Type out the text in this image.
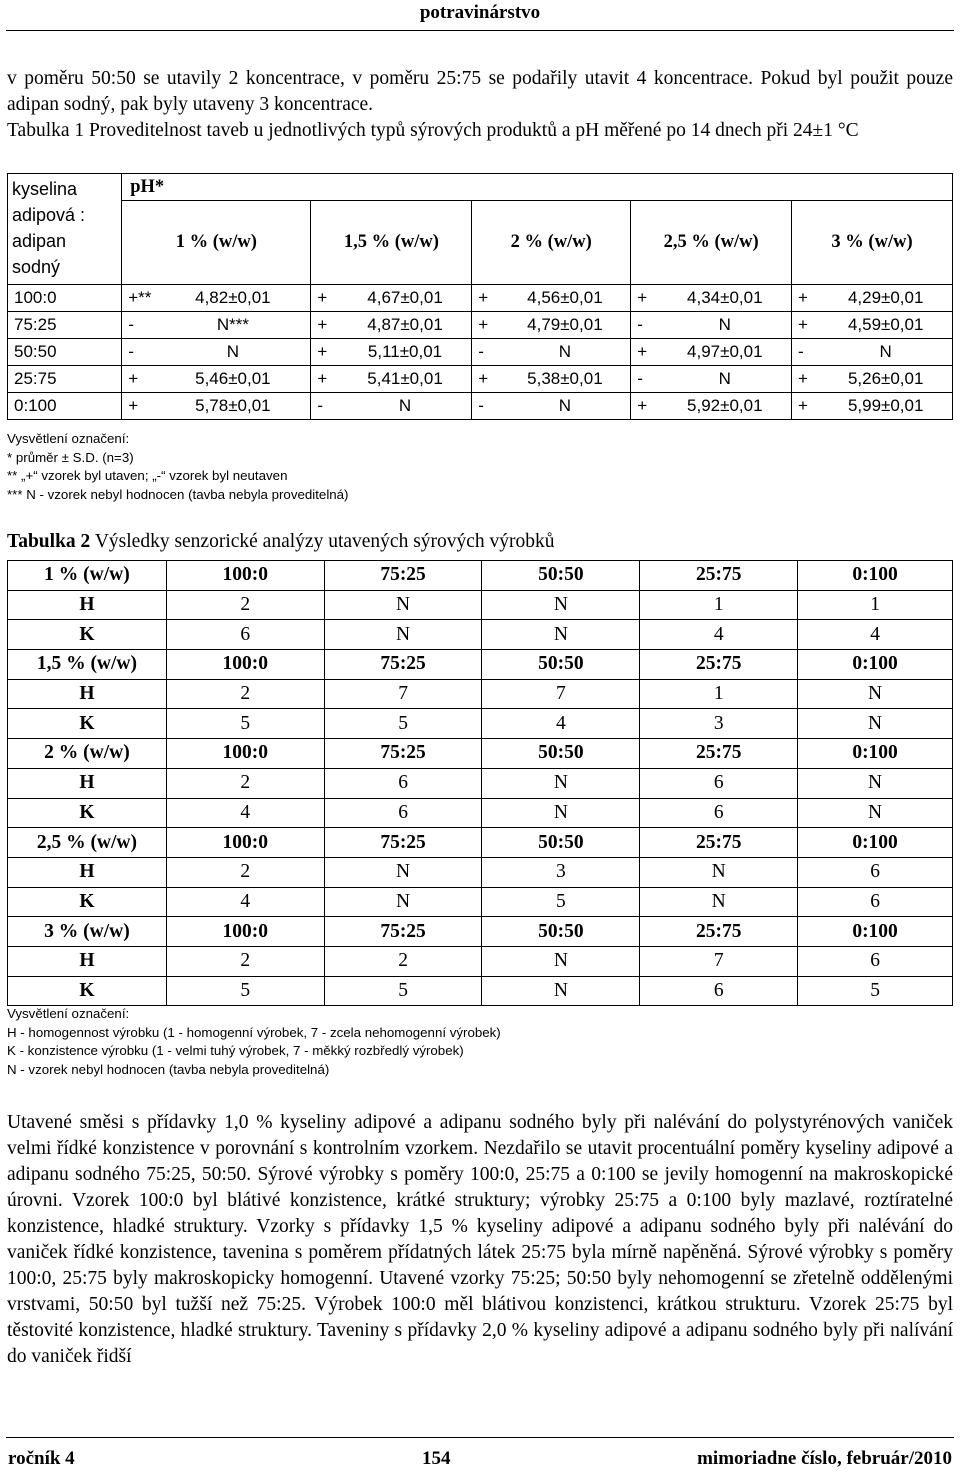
potravinárstvo

v poměru 50:50 se utavily 2 koncentrace, v poměru 25:75 se podařily utavit 4 koncentrace. Pokud byl použit pouze adipan sodný, pak byly utaveny 3 koncentrace.

Tabulka 1 Proveditelnost taveb u jednotlivých typů sýrových produktů a pH měřené po 14 dnech při 24±1 °C

kyselina adipová : adipan sodný	pH*									
	1 % (w/w)		1,5 % (w/w)		2 % (w/w)		2,5 % (w/w)		3 % (w/w)	
100:0	+**	4,82±0,01	+	4,67±0,01	+	4,56±0,01	+	4,34±0,01	+	4,29±0,01
75:25	-	N***	+	4,87±0,01	+	4,79±0,01	-	N	+	4,59±0,01
50:50	-	N	+	5,11±0,01	-	N	+	4,97±0,01	-	N
25:75	+	5,46±0,01	+	5,41±0,01	+	5,38±0,01	-	N	+	5,26±0,01
0:100	+	5,78±0,01	-	N	-	N	+	5,92±0,01	+	5,99±0,01
Vysvětlení označení:
* průměr ± S.D. (n=3)
** „+“ vzorek byl utaven; „-“ vzorek byl neutaven
*** N - vzorek nebyl hodnocen (tavba nebyla proveditelná)
Tabulka 2 Výsledky senzorické analýzy utavených sýrových výrobků
1 % (w/w)	100:0	75:25	50:50	25:75	0:100
H	2	N	N	1	1
K	6	N	N	4	4
1,5 % (w/w)	100:0	75:25	50:50	25:75	0:100
H	2	7	7	1	N
K	5	5	4	3	N
2 % (w/w)	100:0	75:25	50:50	25:75	0:100
H	2	6	N	6	N
K	4	6	N	6	N
2,5 % (w/w)	100:0	75:25	50:50	25:75	0:100
H	2	N	3	N	6
K	4	N	5	N	6
3 % (w/w)	100:0	75:25	50:50	25:75	0:100
H	2	2	N	7	6
K	5	5	N	6	5
Vysvětlení označení:
H - homogennost výrobku (1 - homogenní výrobek, 7 - zcela nehomogenní výrobek)
K - konzistence výrobku (1 - velmi tuhý výrobek, 7 - měkký rozbředlý výrobek)
N - vzorek nebyl hodnocen (tavba nebyla proveditelná)

Utavené směsi s přídavky 1,0 % kyseliny adipové a adipanu sodného byly při nalévání do polystyrénových vaniček velmi řídké konzistence v porovnání s kontrolním vzorkem. Nezdařilo se utavit procentuální poměry kyseliny adipové a adipanu sodného 75:25, 50:50. Sýrové výrobky s poměry 100:0, 25:75 a 0:100 se jevily homogenní na makroskopické úrovni. Vzorek 100:0 byl blátivé konzistence, krátké struktury; výrobky 25:75 a 0:100 byly mazlavé, roztíratelné konzistence, hladké struktury. Vzorky s přídavky 1,5 % kyseliny adipové a adipanu sodného byly při nalévání do vaniček řídké konzistence, tavenina s poměrem přídatných látek 25:75 byla mírně napěněná. Sýrové výrobky s poměry 100:0, 25:75 byly makroskopicky homogenní. Utavené vzorky 75:25; 50:50 byly nehomogenní se zřetelně oddělenými vrstvami, 50:50 byl tužší než 75:25. Výrobek 100:0 měl blátivou konzistenci, krátkou strukturu. Vzorek 25:75 byl těstovité konzistence, hladké struktury. Taveniny s přídavky 2,0 % kyseliny adipové a adipanu sodného byly při nalívání do vaniček řidší

ročník 4	154	mimoriadne číslo, február/2010
